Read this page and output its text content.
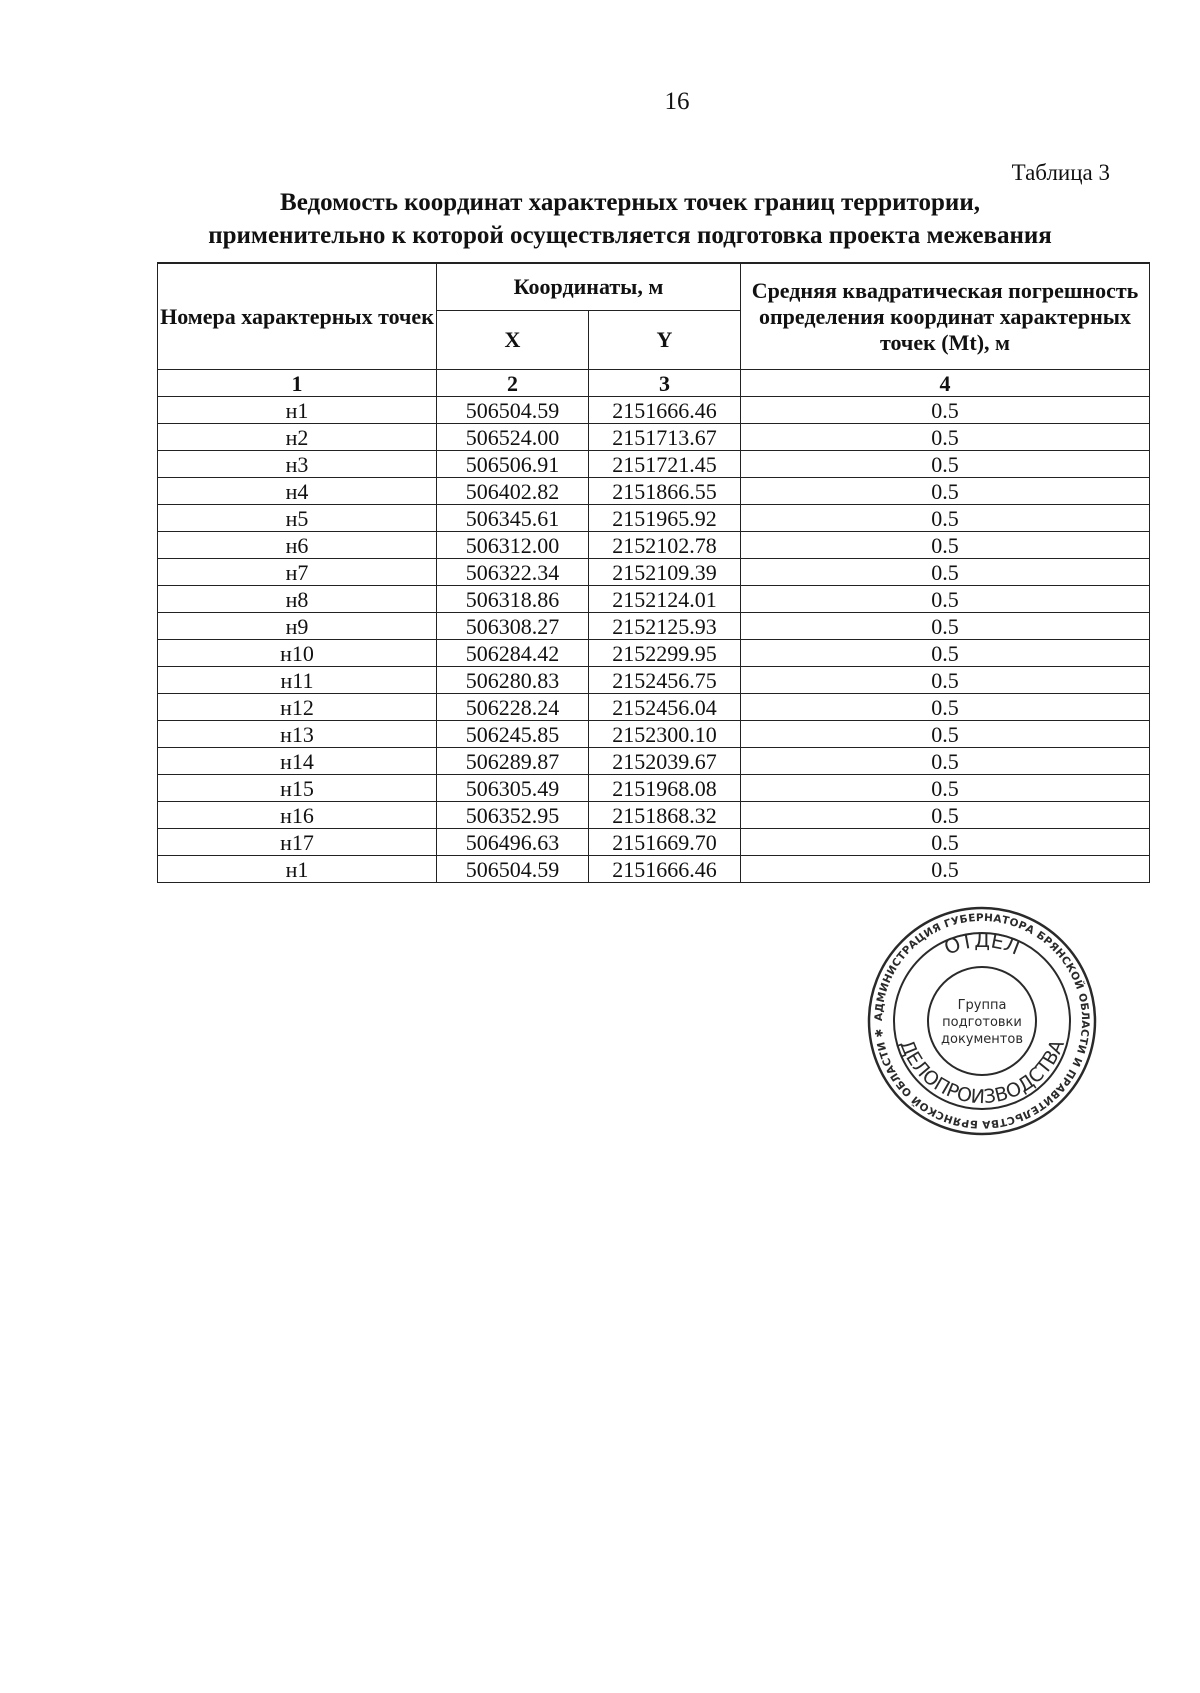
16
Таблица 3
Ведомость координат характерных точек границ территории,
применительно к которой осуществляется подготовка проекта межевания
Номера характерных точек	Координаты, м		Средняя квадратическая погрешность определения координат характерных точек (Mt), м
	X	Y	
1	2	3	4
н1	506504.59	2151666.46	0.5
н2	506524.00	2151713.67	0.5
н3	506506.91	2151721.45	0.5
н4	506402.82	2151866.55	0.5
н5	506345.61	2151965.92	0.5
н6	506312.00	2152102.78	0.5
н7	506322.34	2152109.39	0.5
н8	506318.86	2152124.01	0.5
н9	506308.27	2152125.93	0.5
н10	506284.42	2152299.95	0.5
н11	506280.83	2152456.75	0.5
н12	506228.24	2152456.04	0.5
н13	506245.85	2152300.10	0.5
н14	506289.87	2152039.67	0.5
н15	506305.49	2151968.08	0.5
н16	506352.95	2151868.32	0.5
н17	506496.63	2151669.70	0.5
н1	506504.59	2151666.46	0.5
АДМИНИСТРАЦИЯ ГУБЕРНАТОРА БРЯНСКОЙ ОБЛАСТИ И ПРАВИТЕЛЬСТВА БРЯНСКОЙ ОБЛАСТИ ✱
ОТДЕЛ
ДЕЛОПРОИЗВОДСТВА
Группа
подготовки
документов
